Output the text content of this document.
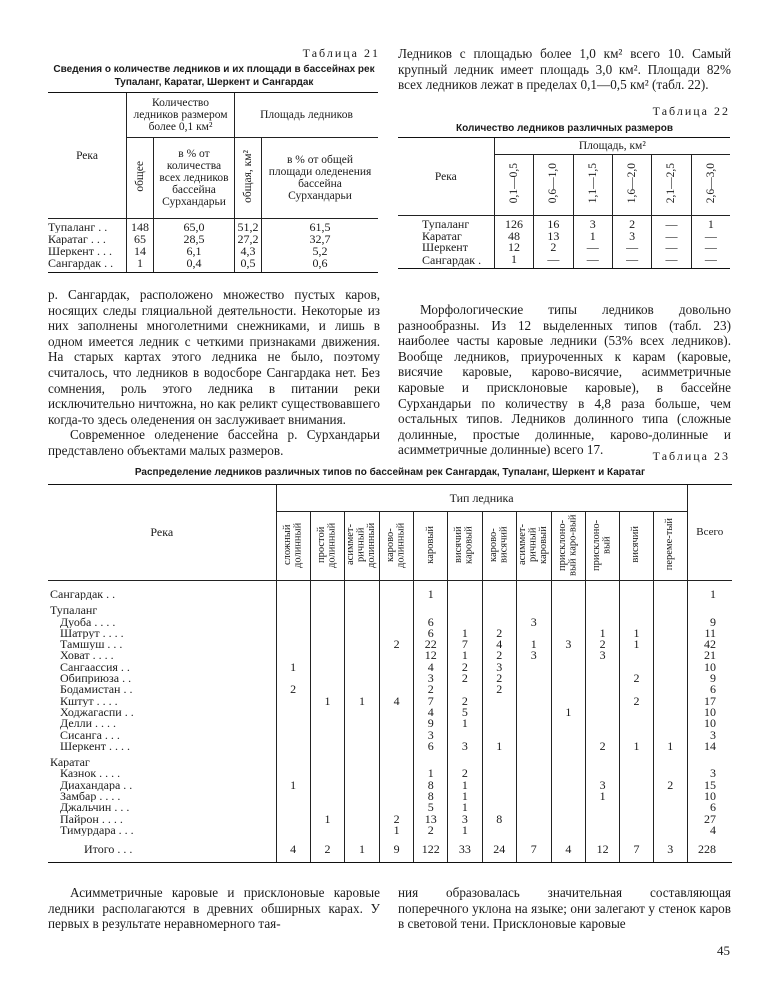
Таблица 21
Сведения о количестве ледников и их площади в бассейнах рек Тупаланг, Каратаг, Шеркент и Сангардак
Река	Количество ледников размером более 0,1 км²		Площадь ледников	
	общее	в % от количества всех ледников бассейна Сурхандарьи	общая, км²	в % от общей площади оледенения бассейна Сурхандарьи
Тупаланг . .	148	65,0	51,2	61,5
Каратаг . . .	65	28,5	27,2	32,7
Шеркент . . .	14	6,1	4,3	5,2
Сангардак . .	1	0,4	0,5	0,6
Ледников с площадью более 1,0 км² всего 10. Самый крупный ледник имеет площадь 3,0 км². Площади 82% всех ледников лежат в пределах 0,1—0,5 км² (табл. 22).
Таблица 22
Количество ледников различных размеров
Река	Площадь, км²					
	0,1—0,5	0,6—1,0	1,1—1,5	1,6—2,0	2,1—2,5	2,6—3,0
Тупаланг	126	16	3	2	—	1
Каратаг	48	13	1	3	—	—
Шеркент	12	2	—	—	—	—
Сангардак .	1	—	—	—	—	—
р. Сангардак, расположено множество пустых каров, носящих следы гляциальной деятельности. Некоторые из них заполнены многолетними снежниками, и лишь в одном имеется ледник с четкими признаками движения. На старых картах этого ледника не было, поэтому считалось, что ледников в водосборе Сангардака нет. Без сомнения, роль этого ледника в питании реки исключительно ничтожна, но как реликт существовавшего когда-то здесь оледенения он заслуживает внимания.
Современное оледенение бассейна р. Сурхандарьи представлено объектами малых размеров.
Морфологические типы ледников довольно разнообразны. Из 12 выделенных типов (табл. 23) наиболее часты каровые ледники (53% всех ледников). Вообще ледников, приуроченных к карам (каровые, висячие каровые, карово-висячие, асимметричные каровые и присклоновые каровые), в бассейне Сурхандарьи по количеству в 4,8 раза больше, чем остальных типов. Ледников долинного типа (сложные долинные, простые долинные, карово-долинные и асимметричные долинные) всего 17.	Таблица 23
Распределение ледников различных типов по бассейнам рек Сангардак, Тупаланг, Шеркент и Каратаг
Река	Тип ледника												Всего
	сложный долинный	простой долинный	асиммет-ричный долинный	карово-долинный	каровый	висячий каровый	карово-висячий	асиммет-ричный каровый	присклоно-вый каро-вый	присклоно-вый	висячий	переме-тый	
Сангардак . .					1								1
Тупаланг													
Дуоба . . . .					6			3					9
Шатрут . . . .					6	1	2			1	1		11
Тамшуш . . .				2	22	7	4	1	3	2	1		42
Ховат . . . .					12	1	2	3		3			21
Сангаассия . .	1				4	2	3						10
Обиприюза . .					3	2	2				2		9
Бодамистан . .	2				2		2						6
Кштут . . . .		1	1	4	7	2					2		17
Ходжагаспи . .					4	5			1				10
Делли . . . .					9	1							10
Сисанга . . .					3								3
Шеркент . . . .					6	3	1			2	1	1	14
Каратаг													
Казнок . . . .					1	2							3
Диахандара . .	1				8	1				3		2	15
Замбар . . . .					8	1				1			10
Джальчин . . .					5	1							6
Пайрон . . . .		1		2	13	3	8						27
Тимурдара . . .				1	2	1							4
Итого . . .	4	2	1	9	122	33	24	7	4	12	7	3	228
Асимметричные каровые и присклоновые каровые ледники располагаются в древних обширных карах. У первых в результате неравномерного тая-
ния образовалась значительная составляющая поперечного уклона на языке; они залегают у стенок каров в световой тени. Присклоновые каровые
45
